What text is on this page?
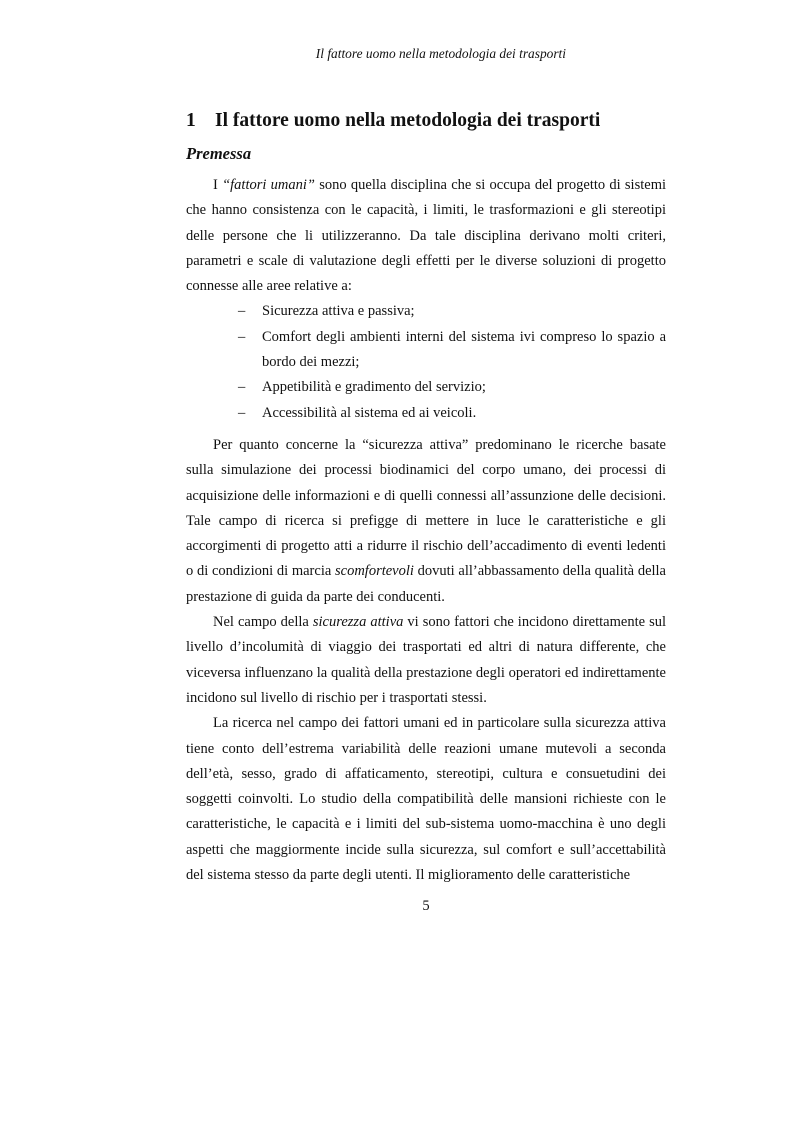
Il fattore uomo nella metodologia dei trasporti
1 Il fattore uomo nella metodologia dei trasporti
Premessa

I “fattori umani” sono quella disciplina che si occupa del progetto di sistemi che hanno consistenza con le capacità, i limiti, le trasformazioni e gli stereotipi delle persone che li utilizzeranno. Da tale disciplina derivano molti criteri, parametri e scale di valutazione degli effetti per le diverse soluzioni di progetto connesse alle aree relative a:

– Sicurezza attiva e passiva;
– Comfort degli ambienti interni del sistema ivi compreso lo spazio a bordo dei mezzi;
– Appetibilità e gradimento del servizio;
– Accessibilità al sistema ed ai veicoli.

Per quanto concerne la “sicurezza attiva” predominano le ricerche basate sulla simulazione dei processi biodinamici del corpo umano, dei processi di acquisizione delle informazioni e di quelli connessi all’assunzione delle decisioni. Tale campo di ricerca si prefigge di mettere in luce le caratteristiche e gli accorgimenti di progetto atti a ridurre il rischio dell’accadimento di eventi ledenti o di condizioni di marcia scomfortevoli dovuti all’abbassamento della qualità della prestazione di guida da parte dei conducenti.

Nel campo della sicurezza attiva vi sono fattori che incidono direttamente sul livello d’incolumità di viaggio dei trasportati ed altri di natura differente, che viceversa influenzano la qualità della prestazione degli operatori ed indirettamente incidono sul livello di rischio per i trasportati stessi.

La ricerca nel campo dei fattori umani ed in particolare sulla sicurezza attiva tiene conto dell’estrema variabilità delle reazioni umane mutevoli a seconda dell’età, sesso, grado di affaticamento, stereotipi, cultura e consuetudini dei soggetti coinvolti. Lo studio della compatibilità delle mansioni richieste con le caratteristiche, le capacità e i limiti del sub-sistema uomo-macchina è uno degli aspetti che maggiormente incide sulla sicurezza, sul comfort e sull’accettabilità del sistema stesso da parte degli utenti. Il miglioramento delle caratteristiche

5
